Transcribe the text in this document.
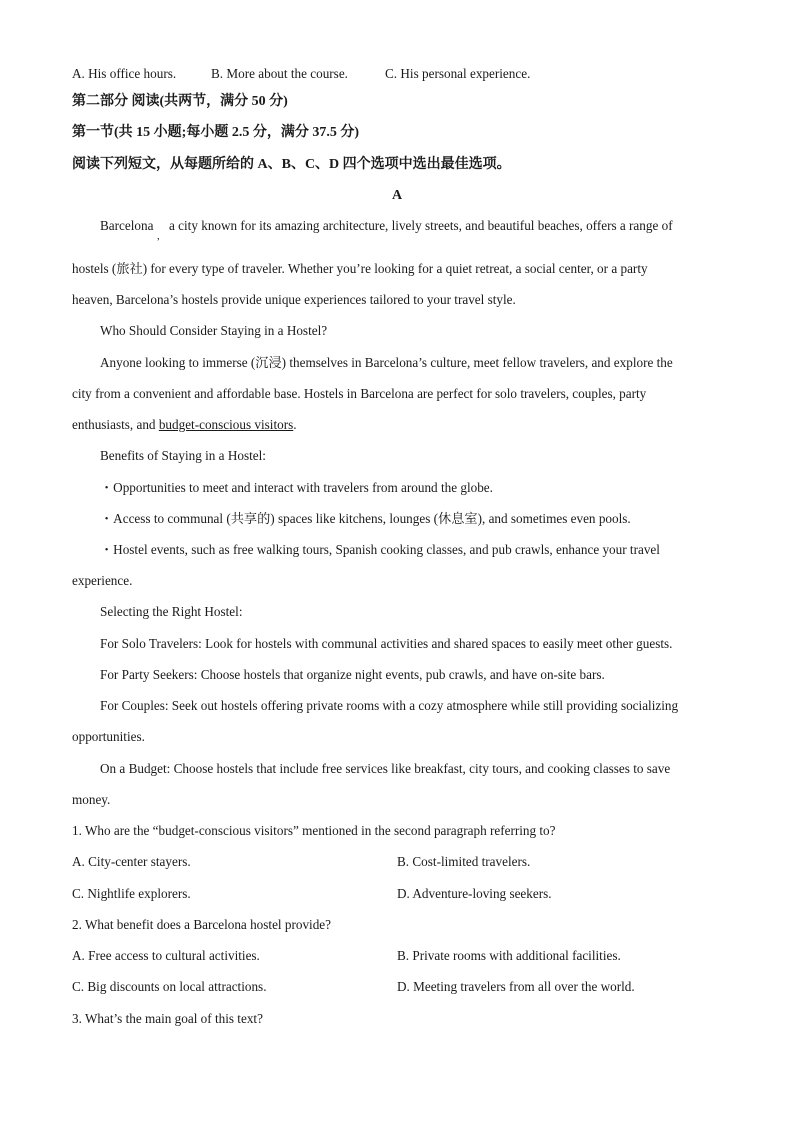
A. His office hours.	B. More about the course.	C. His personal experience.
第二部分 阅读(共两节，满分 50 分)
第一节(共 15 小题;每小题 2.5 分，满分 37.5 分)
阅读下列短文，从每题所给的 A、B、C、D 四个选项中选出最佳选项。
A
Barcelona
,
a city known for its amazing architecture, lively streets, and beautiful beaches, offers a range of
hostels (旅社) for every type of traveler. Whether you’re looking for a quiet retreat, a social center, or a party
heaven, Barcelona’s hostels provide unique experiences tailored to your travel style.
Who Should Consider Staying in a Hostel?
Anyone looking to immerse (沉浸) themselves in Barcelona’s culture, meet fellow travelers, and explore the
city from a convenient and affordable base. Hostels in Barcelona are perfect for solo travelers, couples, party
enthusiasts, and budget-conscious visitors.
Benefits of Staying in a Hostel:
・Opportunities to meet and interact with travelers from around the globe.
・Access to communal (共享的) spaces like kitchens, lounges (休息室), and sometimes even pools.
・Hostel events, such as free walking tours, Spanish cooking classes, and pub crawls, enhance your travel
experience.
Selecting the Right Hostel:
For Solo Travelers: Look for hostels with communal activities and shared spaces to easily meet other guests.
For Party Seekers: Choose hostels that organize night events, pub crawls, and have on-site bars.
For Couples: Seek out hostels offering private rooms with a cozy atmosphere while still providing socializing
opportunities.
On a Budget: Choose hostels that include free services like breakfast, city tours, and cooking classes to save
money.
1. Who are the “budget-conscious visitors” mentioned in the second paragraph referring to?
A. City-center stayers.	B. Cost-limited travelers.
C. Nightlife explorers.	D. Adventure-loving seekers.
2. What benefit does a Barcelona hostel provide?
A. Free access to cultural activities.	B. Private rooms with additional facilities.
C. Big discounts on local attractions.	D. Meeting travelers from all over the world.
3. What’s the main goal of this text?
